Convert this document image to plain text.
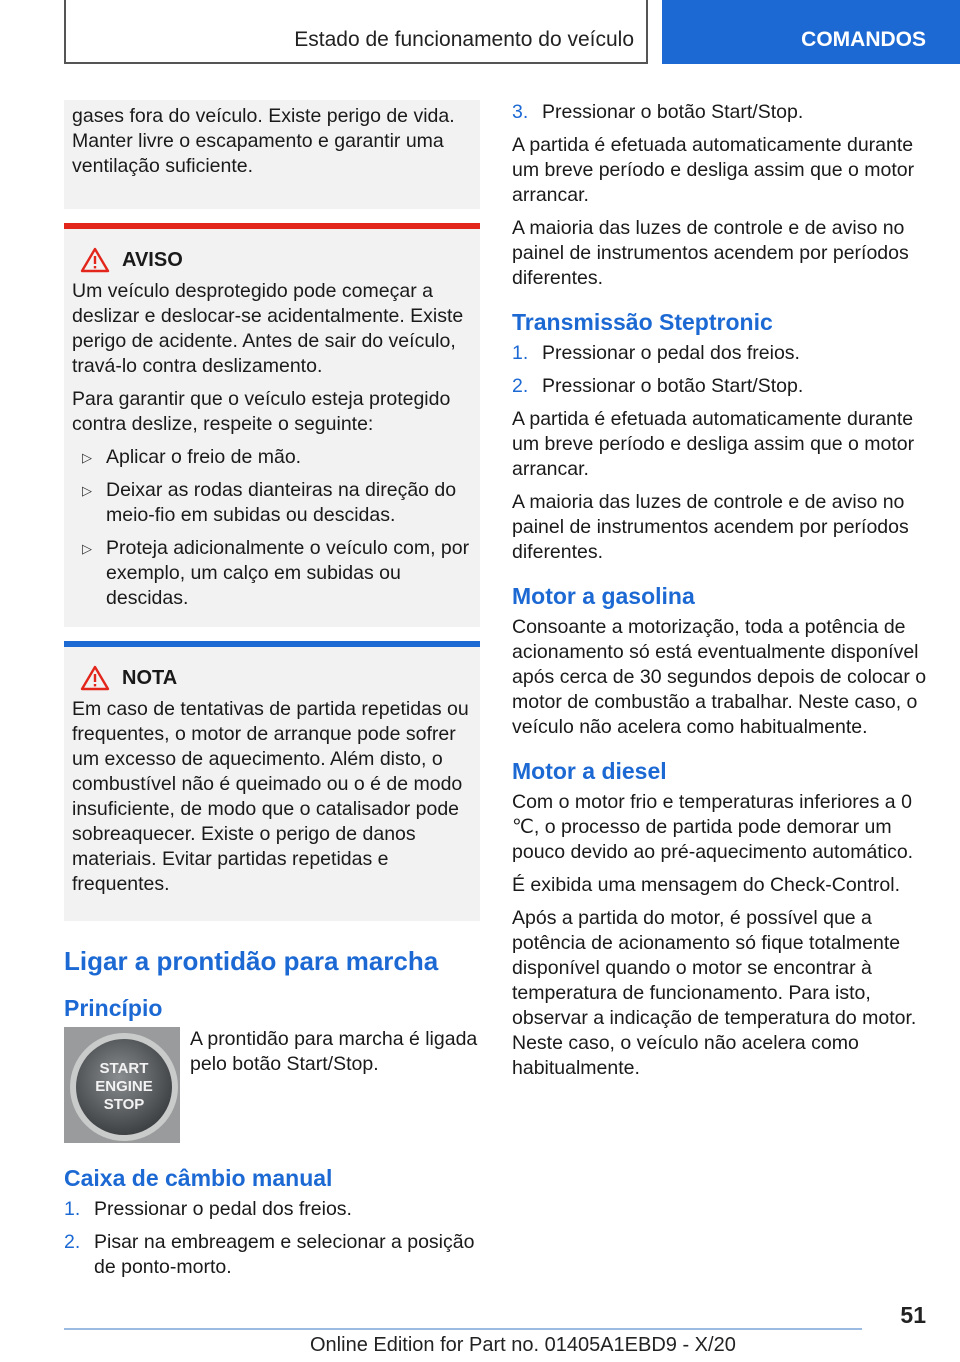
Estado de funcionamento do veículo	COMANDOS

gases fora do veículo. Existe perigo de vida. Manter livre o escapamento e garantir uma ventilação suficiente.

AVISO

Um veículo desprotegido pode começar a deslizar e deslocar-se acidentalmente. Existe perigo de acidente. Antes de sair do veículo, travá-lo contra deslizamento.

Para garantir que o veículo esteja protegido contra deslize, respeite o seguinte:

▷ Aplicar o freio de mão.
▷ Deixar as rodas dianteiras na direção do meio-fio em subidas ou descidas.
▷ Proteja adicionalmente o veículo com, por exemplo, um calço em subidas ou descidas.
NOTA

Em caso de tentativas de partida repetidas ou frequentes, o motor de arranque pode sofrer um excesso de aquecimento. Além disto, o combustível não é queimado ou o é de modo insuficiente, de modo que o catalisador pode sobreaquecer. Existe o perigo de danos materiais. Evitar partidas repetidas e frequentes.

Ligar a prontidão para marcha
Princípio
START
ENGINE
STOP
A prontidão para marcha é ligada pelo botão Start/Stop.
Caixa de câmbio manual
1. Pressionar o pedal dos freios.
2. Pisar na embreagem e selecionar a posição de ponto-morto.
3. Pressionar o botão Start/Stop.

A partida é efetuada automaticamente durante um breve período e desliga assim que o motor arrancar.

A maioria das luzes de controle e de aviso no painel de instrumentos acendem por períodos diferentes.

Transmissão Steptronic
1. Pressionar o pedal dos freios.
2. Pressionar o botão Start/Stop.

A partida é efetuada automaticamente durante um breve período e desliga assim que o motor arrancar.

A maioria das luzes de controle e de aviso no painel de instrumentos acendem por períodos diferentes.

Motor a gasolina

Consoante a motorização, toda a potência de acionamento só está eventualmente disponível após cerca de 30 segundos depois de colocar o motor de combustão a trabalhar. Neste caso, o veículo não acelera como habitualmente.

Motor a diesel

Com o motor frio e temperaturas inferiores a 0 ℃, o processo de partida pode demorar um pouco devido ao pré-aquecimento automático.

É exibida uma mensagem do Check-Control.

Após a partida do motor, é possível que a potência de acionamento só fique totalmente disponível quando o motor se encontrar à temperatura de funcionamento. Para isto, observar a indicação de temperatura do motor. Neste caso, o veículo não acelera como habitualmente.

51
Online Edition for Part no. 01405A1EBD9 - X/20
